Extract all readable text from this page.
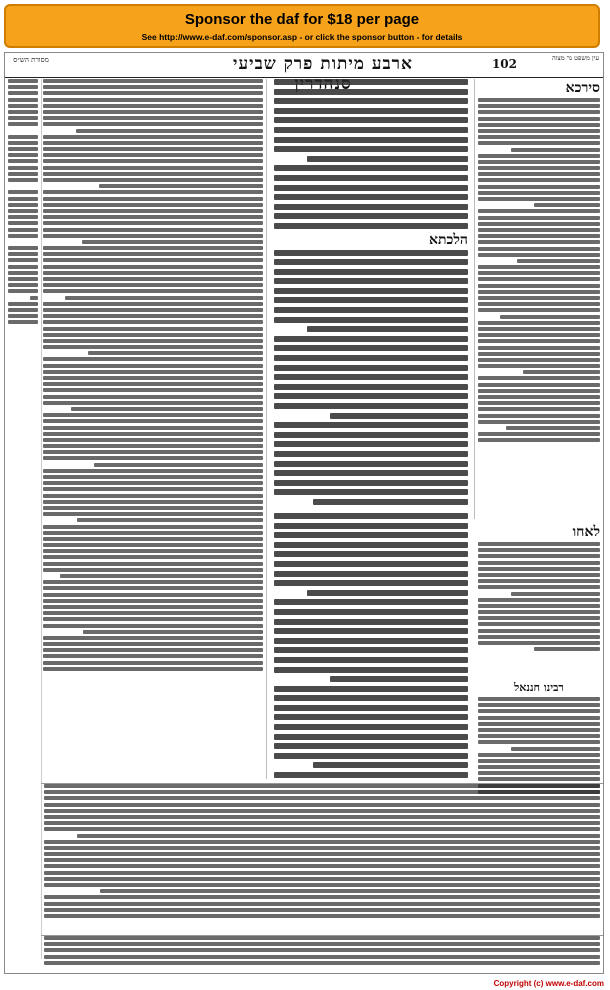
Sponsor the daf for $18 per page
See http://www.e-daf.com/sponsor.asp - or click the sponsor button - for details
עין משפט נר מצוה
102
ארבע מיתות פרק שביעי
מסורת הש״ס
סירכא
הלכתא
לאחו
רבינו חננאל
Copyright (c) www.e-daf.com
